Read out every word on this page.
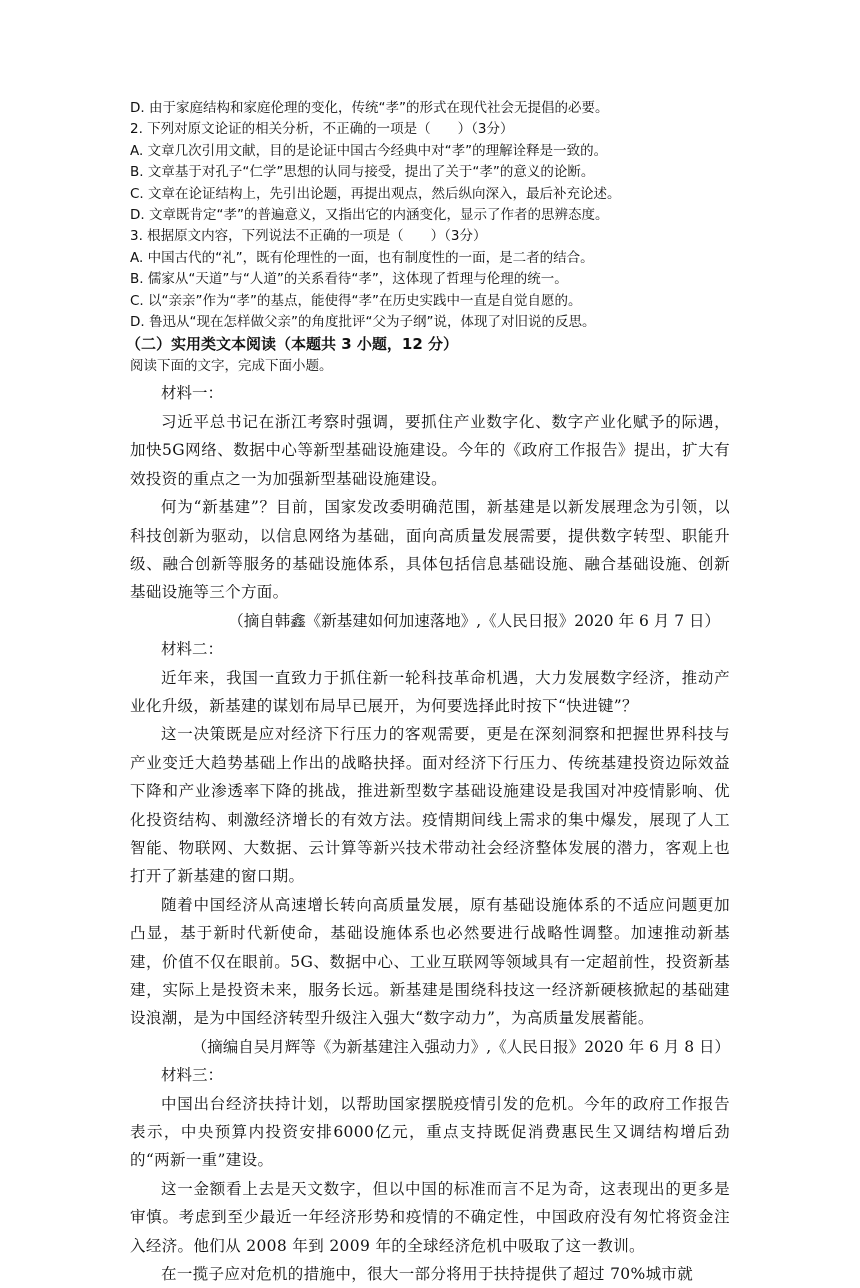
D. 由于家庭结构和家庭伦理的变化，传统“孝”的形式在现代社会无提倡的必要。
2. 下列对原文论证的相关分析，不正确的一项是（　　）（3分）
A. 文章几次引用文献，目的是论证中国古今经典中对“孝”的理解诠释是一致的。
B. 文章基于对孔子“仁学”思想的认同与接受，提出了关于“孝”的意义的论断。
C. 文章在论证结构上，先引出论题，再提出观点，然后纵向深入，最后补充论述。
D. 文章既肯定“孝”的普遍意义，又指出它的内涵变化，显示了作者的思辨态度。
3. 根据原文内容，下列说法不正确的一项是（　　）（3分）
A. 中国古代的“礼”，既有伦理性的一面，也有制度性的一面，是二者的结合。
B. 儒家从“天道”与“人道”的关系看待“孝”，这体现了哲理与伦理的统一。
C. 以“亲亲”作为“孝”的基点，能使得“孝”在历史实践中一直是自觉自愿的。
D. 鲁迅从“现在怎样做父亲”的角度批评“父为子纲”说，体现了对旧说的反思。
（二）实用类文本阅读（本题共 3 小题，12 分）
阅读下面的文字，完成下面小题。

材料一：

习近平总书记在浙江考察时强调，要抓住产业数字化、数字产业化赋予的际遇，加快5G网络、数据中心等新型基础设施建设。今年的《政府工作报告》提出，扩大有效投资的重点之一为加强新型基础设施建设。

何为“新基建”？目前，国家发改委明确范围，新基建是以新发展理念为引领，以科技创新为驱动，以信息网络为基础，面向高质量发展需要，提供数字转型、职能升级、融合创新等服务的基础设施体系，具体包括信息基础设施、融合基础设施、创新基础设施等三个方面。

（摘自韩鑫《新基建如何加速落地》,《人民日报》2020 年 6 月 7 日）

材料二：

近年来，我国一直致力于抓住新一轮科技革命机遇，大力发展数字经济，推动产业化升级，新基建的谋划布局早已展开，为何要选择此时按下“快进键”？

这一决策既是应对经济下行压力的客观需要，更是在深刻洞察和把握世界科技与产业变迁大趋势基础上作出的战略抉择。面对经济下行压力、传统基建投资边际效益下降和产业渗透率下降的挑战，推进新型数字基础设施建设是我国对冲疫情影响、优化投资结构、刺激经济增长的有效方法。疫情期间线上需求的集中爆发，展现了人工智能、物联网、大数据、云计算等新兴技术带动社会经济整体发展的潜力，客观上也打开了新基建的窗口期。

随着中国经济从高速增长转向高质量发展，原有基础设施体系的不适应问题更加凸显，基于新时代新使命，基础设施体系也必然要进行战略性调整。加速推动新基建，价值不仅在眼前。5G、数据中心、工业互联网等领域具有一定超前性，投资新基建，实际上是投资未来，服务长远。新基建是围绕科技这一经济新硬核掀起的基础建设浪潮，是为中国经济转型升级注入强大“数字动力”，为高质量发展蓄能。

（摘编自吴月辉等《为新基建注入强动力》,《人民日报》2020 年 6 月 8 日）

材料三：

中国出台经济扶持计划，以帮助国家摆脱疫情引发的危机。今年的政府工作报告表示，中央预算内投资安排6000亿元，重点支持既促消费惠民生又调结构增后劲的“两新一重”建设。

这一金额看上去是天文数字，但以中国的标准而言不足为奇，这表现出的更多是审慎。考虑到至少最近一年经济形势和疫情的不确定性，中国政府没有匆忙将资金注入经济。他们从 2008 年到 2009 年的全球经济危机中吸取了这一教训。

在一揽子应对危机的措施中，很大一部分将用于扶持提供了超过 70%城市就
